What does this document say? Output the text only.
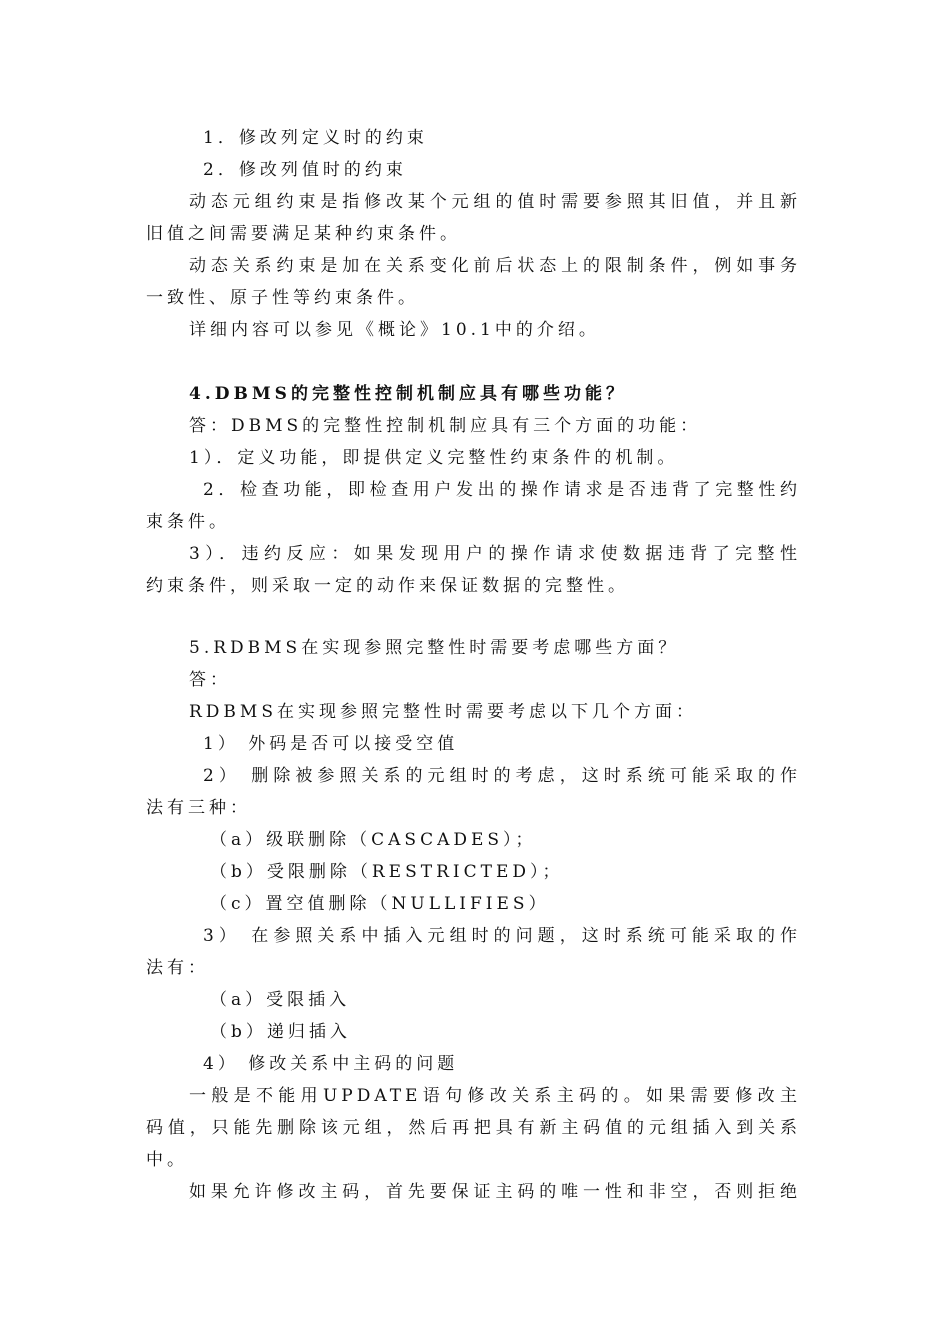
1．修改列定义时的约束
2．修改列值时的约束
动态元组约束是指修改某个元组的值时需要参照其旧值，并且新
旧值之间需要满足某种约束条件。
动态关系约束是加在关系变化前后状态上的限制条件，例如事务
一致性、原子性等约束条件。
详细内容可以参见《概论》10.1中的介绍。
4.DBMS的完整性控制机制应具有哪些功能？
答：DBMS的完整性控制机制应具有三个方面的功能：
1）．定义功能，即提供定义完整性约束条件的机制。
2．检查功能，即检查用户发出的操作请求是否违背了完整性约
束条件。
3）．违约反应：如果发现用户的操作请求使数据违背了完整性
约束条件，则采取一定的动作来保证数据的完整性。
5.RDBMS在实现参照完整性时需要考虑哪些方面？
答：
RDBMS在实现参照完整性时需要考虑以下几个方面：
1） 外码是否可以接受空值
2） 删除被参照关系的元组时的考虑，这时系统可能采取的作
法有三种：
（a）级联删除（CASCADES）；
（b）受限删除（RESTRICTED）；
（c）置空值删除（NULLIFIES）
3） 在参照关系中插入元组时的问题，这时系统可能采取的作
法有：
（a）受限插入
（b）递归插入
4） 修改关系中主码的问题
一般是不能用UPDATE语句修改关系主码的。如果需要修改主
码值，只能先删除该元组，然后再把具有新主码值的元组插入到关系
中。
如果允许修改主码，首先要保证主码的唯一性和非空，否则拒绝
